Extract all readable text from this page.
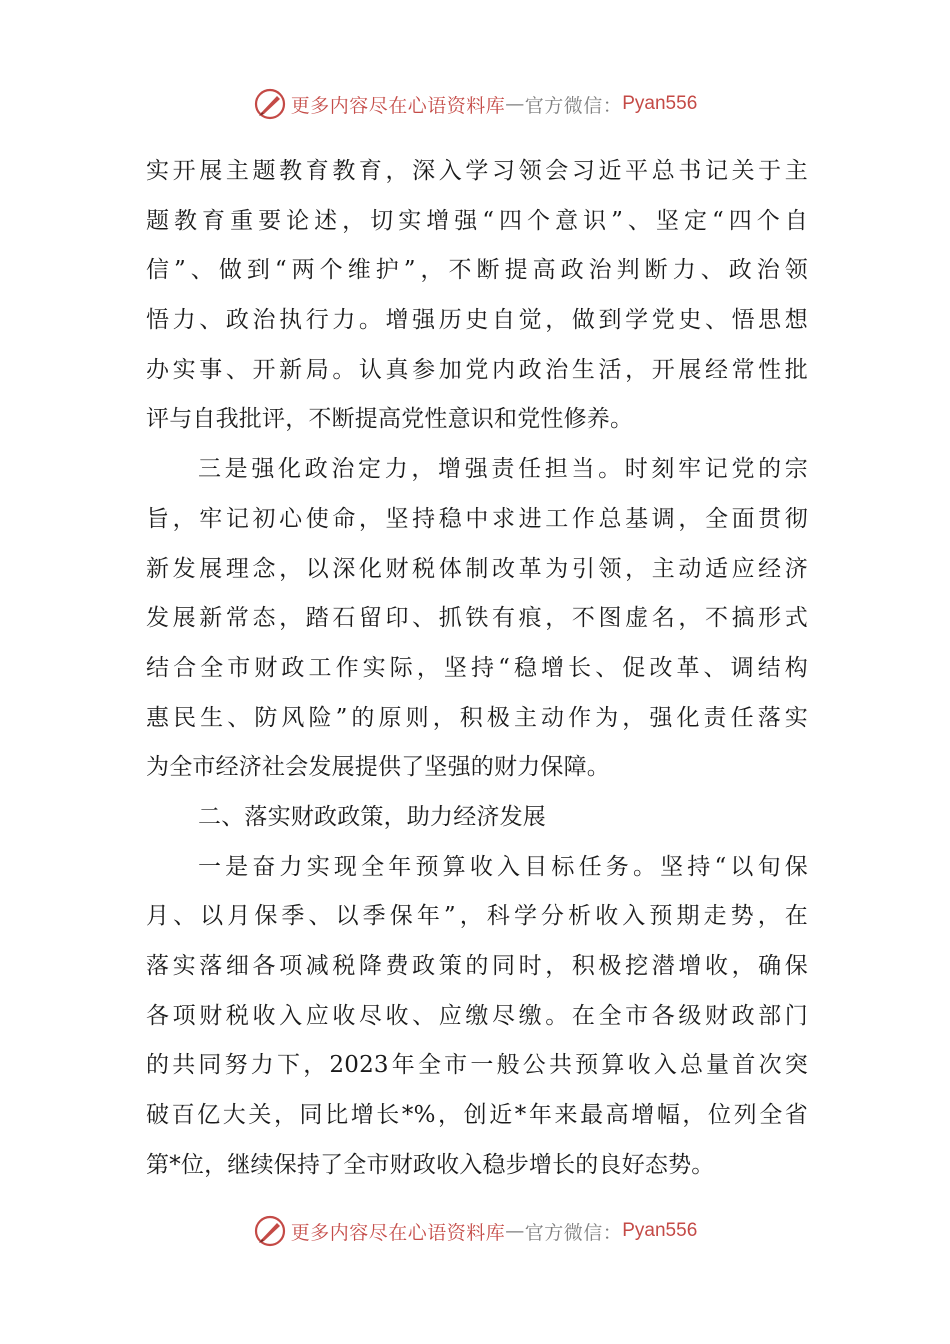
更多内容尽在心语资料库 — 官方微信： Pyan556
实开展主题教育教育，深入学习领会习近平总书记关于主
题教育重要论述，切实增强“四个意识”、坚定“四个自
信”、做到“两个维护”，不断提高政治判断力、政治领
悟力、政治执行力。增强历史自觉，做到学党史、悟思想
办实事、开新局。认真参加党内政治生活，开展经常性批
评与自我批评，不断提高党性意识和党性修养。
三是强化政治定力，增强责任担当。时刻牢记党的宗
旨，牢记初心使命，坚持稳中求进工作总基调，全面贯彻
新发展理念，以深化财税体制改革为引领，主动适应经济
发展新常态，踏石留印、抓铁有痕，不图虚名，不搞形式
结合全市财政工作实际，坚持“稳增长、促改革、调结构
惠民生、防风险”的原则，积极主动作为，强化责任落实
为全市经济社会发展提供了坚强的财力保障。
二、落实财政政策，助力经济发展
一是奋力实现全年预算收入目标任务。坚持“以旬保
月、以月保季、以季保年”，科学分析收入预期走势，在
落实落细各项减税降费政策的同时，积极挖潜增收，确保
各项财税收入应收尽收、应缴尽缴。在全市各级财政部门
的共同努力下，2023年全市一般公共预算收入总量首次突
破百亿大关，同比增长*%，创近*年来最高增幅，位列全省
第*位，继续保持了全市财政收入稳步增长的良好态势。
更多内容尽在心语资料库 — 官方微信： Pyan556
